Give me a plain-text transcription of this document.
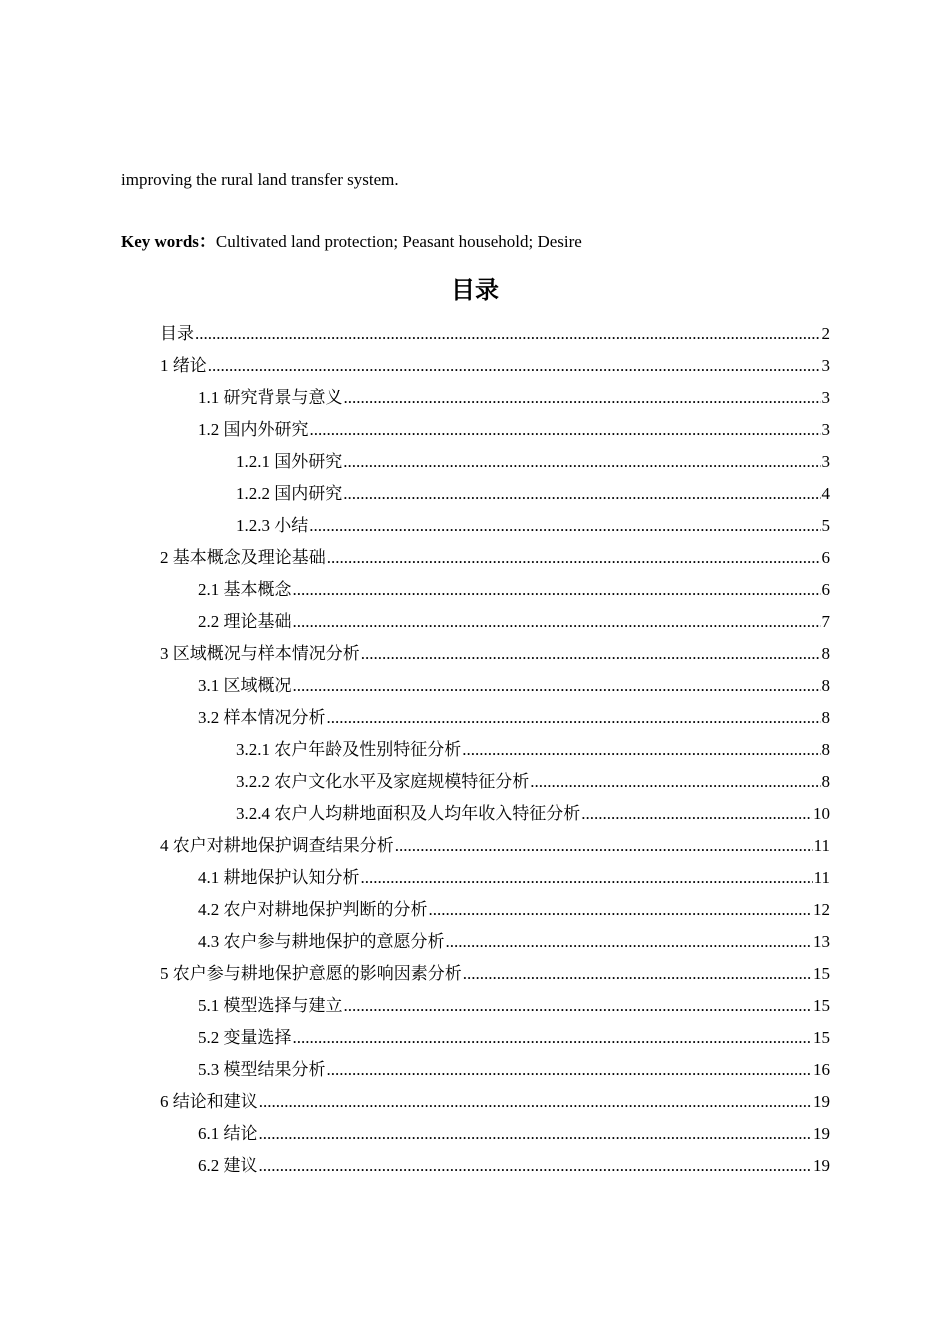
improving the rural land transfer system.
Key words：Cultivated land protection; Peasant household; Desire
目录
目录 .....	2
1 绪论 .....	3
1.1 研究背景与意义 .....	3
1.2 国内外研究 .....	3
1.2.1 国外研究 .....	3
1.2.2 国内研究 .....	4
1.2.3 小结 .....	5
2 基本概念及理论基础 .....	6
2.1 基本概念 .....	6
2.2 理论基础 .....	7
3 区域概况与样本情况分析 .....	8
3.1 区域概况 .....	8
3.2 样本情况分析 .....	8
3.2.1 农户年龄及性别特征分析 .....	8
3.2.2 农户文化水平及家庭规模特征分析 .....	8
3.2.4 农户人均耕地面积及人均年收入特征分析 .....	10
4 农户对耕地保护调查结果分析 .....	11
4.1 耕地保护认知分析 .....	11
4.2 农户对耕地保护判断的分析 .....	12
4.3 农户参与耕地保护的意愿分析 .....	13
5 农户参与耕地保护意愿的影响因素分析 .....	15
5.1 模型选择与建立 .....	15
5.2 变量选择 .....	15
5.3 模型结果分析 .....	16
6 结论和建议 .....	19
6.1 结论 .....	19
6.2 建议 .....	19
